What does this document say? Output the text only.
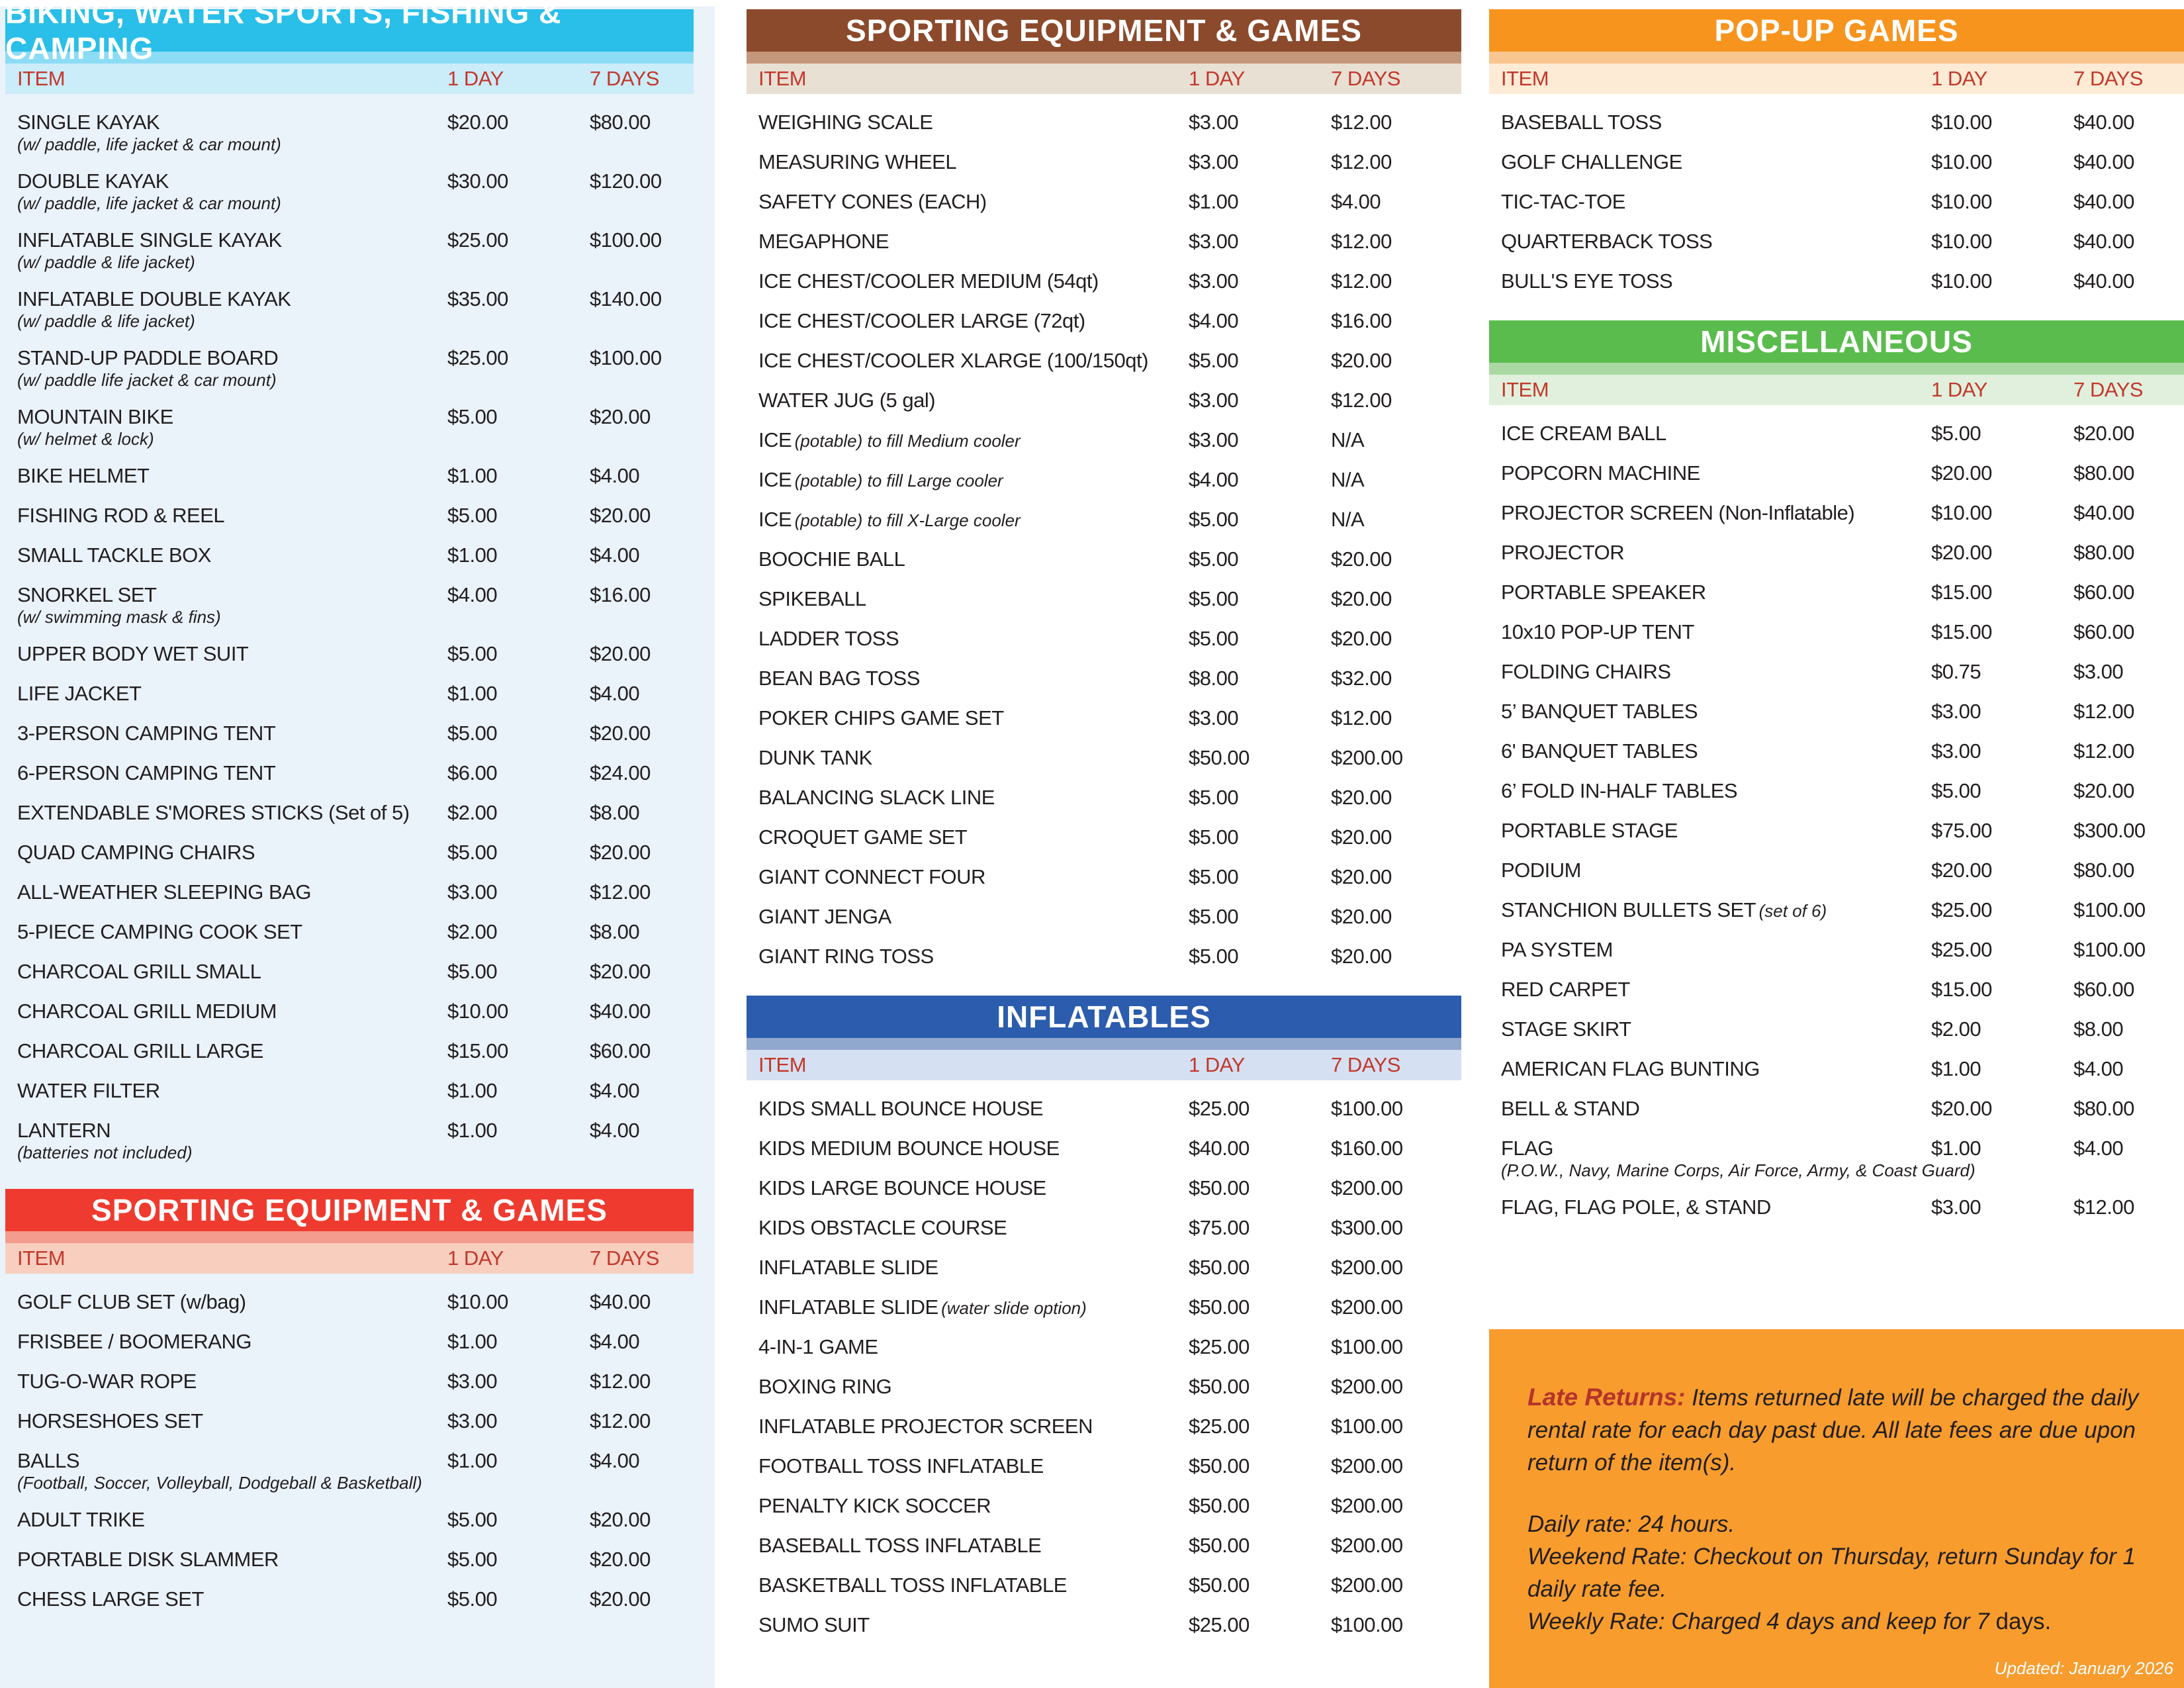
BIKING, WATER SPORTS, FISHING & CAMPING
ITEM	1 DAY	7 DAYS
SINGLE KAYAK
(w/ paddle, life jacket & car mount)
$20.00	$80.00
DOUBLE KAYAK
(w/ paddle, life jacket & car mount)
$30.00	$120.00
INFLATABLE SINGLE KAYAK
(w/ paddle & life jacket)
$25.00	$100.00
INFLATABLE DOUBLE KAYAK
(w/ paddle & life jacket)
$35.00	$140.00
STAND-UP PADDLE BOARD
(w/ paddle life jacket & car mount)
$25.00	$100.00
MOUNTAIN BIKE
(w/ helmet & lock)
$5.00	$20.00
BIKE HELMET	$1.00	$4.00
FISHING ROD & REEL	$5.00	$20.00
SMALL TACKLE BOX	$1.00	$4.00
SNORKEL SET
(w/ swimming mask & fins)
$4.00	$16.00
UPPER BODY WET SUIT	$5.00	$20.00
LIFE JACKET	$1.00	$4.00
3-PERSON CAMPING TENT	$5.00	$20.00
6-PERSON CAMPING TENT	$6.00	$24.00
EXTENDABLE S'MORES STICKS (Set of 5)	$2.00	$8.00
QUAD CAMPING CHAIRS	$5.00	$20.00
ALL-WEATHER SLEEPING BAG	$3.00	$12.00
5-PIECE CAMPING COOK SET	$2.00	$8.00
CHARCOAL GRILL SMALL	$5.00	$20.00
CHARCOAL GRILL MEDIUM	$10.00	$40.00
CHARCOAL GRILL LARGE	$15.00	$60.00
WATER FILTER	$1.00	$4.00
LANTERN
(batteries not included)
$1.00	$4.00
SPORTING EQUIPMENT & GAMES
ITEM	1 DAY	7 DAYS
GOLF CLUB SET (w/bag)	$10.00	$40.00
FRISBEE / BOOMERANG	$1.00	$4.00
TUG-O-WAR ROPE	$3.00	$12.00
HORSESHOES SET	$3.00	$12.00
BALLS
(Football, Soccer, Volleyball, Dodgeball & Basketball)
$1.00	$4.00
ADULT TRIKE	$5.00	$20.00
PORTABLE DISK SLAMMER	$5.00	$20.00
CHESS LARGE SET	$5.00	$20.00
SPORTING EQUIPMENT & GAMES
ITEM	1 DAY	7 DAYS
WEIGHING SCALE	$3.00	$12.00
MEASURING WHEEL	$3.00	$12.00
SAFETY CONES (EACH)	$1.00	$4.00
MEGAPHONE	$3.00	$12.00
ICE CHEST/COOLER MEDIUM (54qt)	$3.00	$12.00
ICE CHEST/COOLER LARGE (72qt)	$4.00	$16.00
ICE CHEST/COOLER XLARGE (100/150qt)	$5.00	$20.00
WATER JUG (5 gal)	$3.00	$12.00
ICE (potable) to fill Medium cooler	$3.00	N/A
ICE (potable) to fill Large cooler	$4.00	N/A
ICE (potable) to fill X-Large cooler	$5.00	N/A
BOOCHIE BALL	$5.00	$20.00
SPIKEBALL	$5.00	$20.00
LADDER TOSS	$5.00	$20.00
BEAN BAG TOSS	$8.00	$32.00
POKER CHIPS GAME SET	$3.00	$12.00
DUNK TANK	$50.00	$200.00
BALANCING SLACK LINE	$5.00	$20.00
CROQUET GAME SET	$5.00	$20.00
GIANT CONNECT FOUR	$5.00	$20.00
GIANT JENGA	$5.00	$20.00
GIANT RING TOSS	$5.00	$20.00
INFLATABLES
ITEM	1 DAY	7 DAYS
KIDS SMALL BOUNCE HOUSE	$25.00	$100.00
KIDS MEDIUM BOUNCE HOUSE	$40.00	$160.00
KIDS LARGE BOUNCE HOUSE	$50.00	$200.00
KIDS OBSTACLE COURSE	$75.00	$300.00
INFLATABLE SLIDE	$50.00	$200.00
INFLATABLE SLIDE (water slide option)	$50.00	$200.00
4-IN-1 GAME	$25.00	$100.00
BOXING RING	$50.00	$200.00
INFLATABLE PROJECTOR SCREEN	$25.00	$100.00
FOOTBALL TOSS INFLATABLE	$50.00	$200.00
PENALTY KICK SOCCER	$50.00	$200.00
BASEBALL TOSS INFLATABLE	$50.00	$200.00
BASKETBALL TOSS INFLATABLE	$50.00	$200.00
SUMO SUIT	$25.00	$100.00

Late Returns: Items returned late will be charged the daily rental rate for each day past due. All late fees are due upon return of the item(s).

Daily rate: 24 hours.
Weekend Rate: Checkout on Thursday, return Sunday for 1 daily rate fee.
Weekly Rate: Charged 4 days and keep for 7 days.

Updated: January 2026
POP-UP GAMES
ITEM	1 DAY	7 DAYS
BASEBALL TOSS	$10.00	$40.00
GOLF CHALLENGE	$10.00	$40.00
TIC-TAC-TOE	$10.00	$40.00
QUARTERBACK TOSS	$10.00	$40.00
BULL'S EYE TOSS	$10.00	$40.00
MISCELLANEOUS
ITEM	1 DAY	7 DAYS
ICE CREAM BALL	$5.00	$20.00
POPCORN MACHINE	$20.00	$80.00
PROJECTOR SCREEN (Non-Inflatable)	$10.00	$40.00
PROJECTOR	$20.00	$80.00
PORTABLE SPEAKER	$15.00	$60.00
10x10 POP-UP TENT	$15.00	$60.00
FOLDING CHAIRS	$0.75	$3.00
5’ BANQUET TABLES	$3.00	$12.00
6' BANQUET TABLES	$3.00	$12.00
6’ FOLD IN-HALF TABLES	$5.00	$20.00
PORTABLE STAGE	$75.00	$300.00
PODIUM	$20.00	$80.00
STANCHION BULLETS SET (set of 6)	$25.00	$100.00
PA SYSTEM	$25.00	$100.00
RED CARPET	$15.00	$60.00
STAGE SKIRT	$2.00	$8.00
AMERICAN FLAG BUNTING	$1.00	$4.00
BELL & STAND	$20.00	$80.00
FLAG
(P.O.W., Navy, Marine Corps, Air Force, Army, & Coast Guard)
$1.00	$4.00
FLAG, FLAG POLE, & STAND	$3.00	$12.00
